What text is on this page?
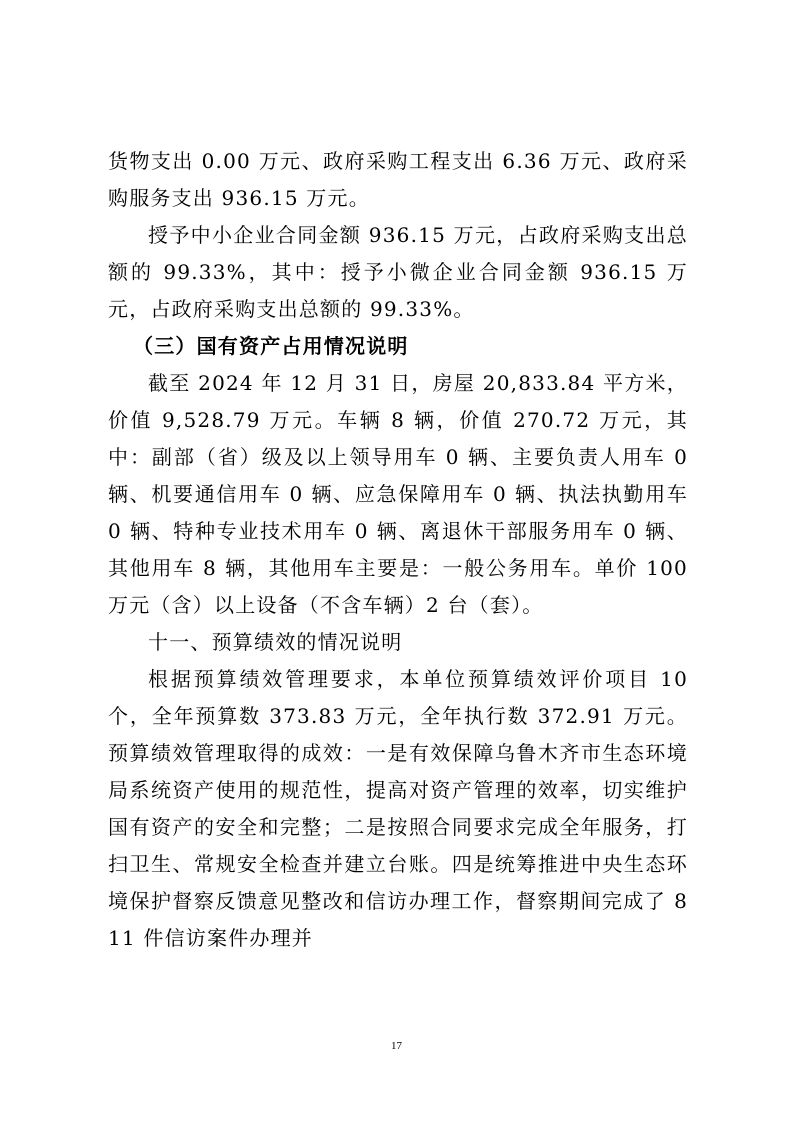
货物支出 0.00 万元、政府采购工程支出 6.36 万元、政府采购服务支出 936.15 万元。

授予中小企业合同金额 936.15 万元，占政府采购支出总额的 99.33%，其中：授予小微企业合同金额 936.15 万元，占政府采购支出总额的 99.33%。

（三）国有资产占用情况说明

截至 2024 年 12 月 31 日，房屋 20,833.84 平方米，价值 9,528.79 万元。车辆 8 辆，价值 270.72 万元，其中：副部（省）级及以上领导用车 0 辆、主要负责人用车 0 辆、机要通信用车 0 辆、应急保障用车 0 辆、执法执勤用车 0 辆、特种专业技术用车 0 辆、离退休干部服务用车 0 辆、其他用车 8 辆，其他用车主要是：一般公务用车。单价 100 万元（含）以上设备（不含车辆）2 台（套）。

十一、预算绩效的情况说明

根据预算绩效管理要求，本单位预算绩效评价项目 10 个，全年预算数 373.83 万元，全年执行数 372.91 万元。预算绩效管理取得的成效：一是有效保障乌鲁木齐市生态环境局系统资产使用的规范性，提高对资产管理的效率，切实维护国有资产的安全和完整；二是按照合同要求完成全年服务，打扫卫生、常规安全检查并建立台账。四是统筹推进中央生态环境保护督察反馈意见整改和信访办理工作，督察期间完成了 811 件信访案件办理并

17
